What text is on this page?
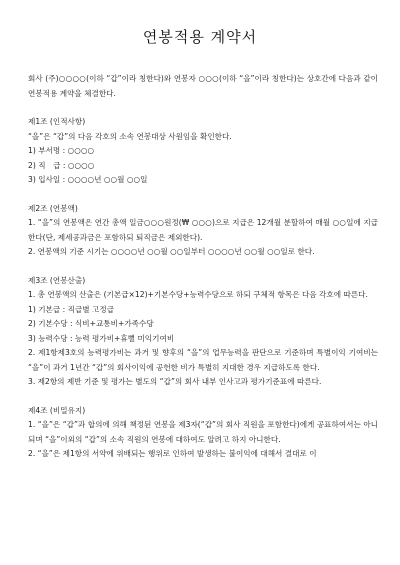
연봉적용 계약서

회사 (주)○○○○(이하 “갑”이라 칭한다)와 연봉자 ○○○(이하 “을”이라 칭한다)는 상호간에 다음과 같이 연봉적용 계약을 체결한다.

제1조 (인적사항)

“을”은 “갑”의 다음 각호의 소속 연봉대상 사원임을 확인한다.

1) 부서명 : ○○○○

2) 직　급 : ○○○○

3) 입사일 : ○○○○년 ○○월 ○○일

제2조 (연봉액)

1. “을”의 연봉액은 연간 총액 일금○○○원정(₩ ○○○)으로 지급은 12개월 분할하여 매월 ○○일에 지급한다(단, 제세공과금은 포함하되 퇴직금은 제외한다).

2. 연봉액의 기준 시기는 ○○○○년 ○○월 ○○일부터 ○○○○년 ○○월 ○○일로 한다.

제3조 (연봉산출)

1. 총 연봉액의 산출은 (기본급×12)+기본수당+능력수당으로 하되 구체적 항목은 다음 각호에 따른다.

1) 기본급 : 직급별 고정급

2) 기본수당 : 식비+교통비+가족수당

3) 능력수당 : 능력 평가비+휴뻘 미익기여비

2. 제1항제3호의 능력평가비는 과거 및 향후의 “을”의 업무능력을 판단으로 기준하며 특별이익 기여비는 “을”이 과거 1년간 “갑”의 회사이익에 공헌한 비가 특별히 지대한 경우 지급하도록 한다.

3. 제2항의 제반 기준 및 평가는 별도의 “갑”의 회사 내부 인사고과 평가기준표에 따른다.

제4조 (비밀유지)

1. “을”은 “갑”과 합의에 의해 책정된 연봉을 제3자(“갑”의 회사 직원을 포함한다)에게 공표하여서는 아니되며 “을”이외의 “갑”의 소속 직원의 연봉에 대하여도 알려고 하지 아니한다.

2. “을”은 제1항의 서약에 위배되는 행위로 인하여 발생하는 불이익에 대해서 결대로 이
